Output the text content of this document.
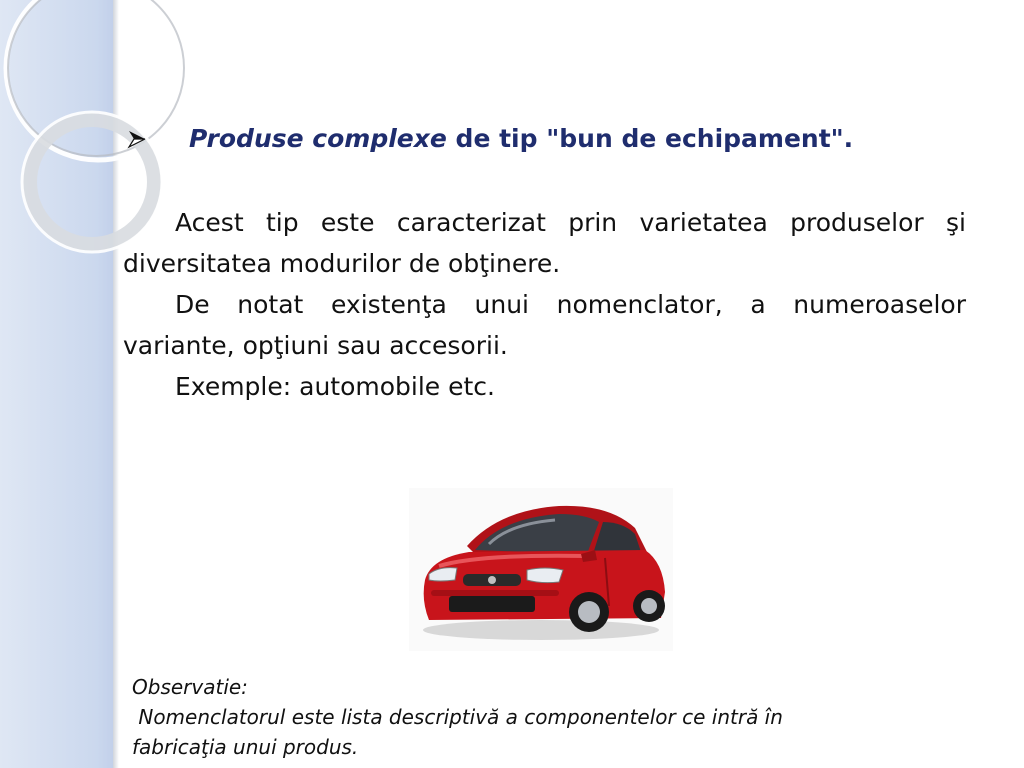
Produse complexe de tip "bun de echipament".

Acest tip este caracterizat prin varietatea produselor şi diversitatea modurilor de obţinere.

De notat existenţa unui nomenclator, a numeroaselor variante, opţiuni sau accesorii.

Exemple: automobile etc.

Observatie:

Nomenclatorul este lista descriptivă a componentelor ce intră în

fabricaţia unui produs.
